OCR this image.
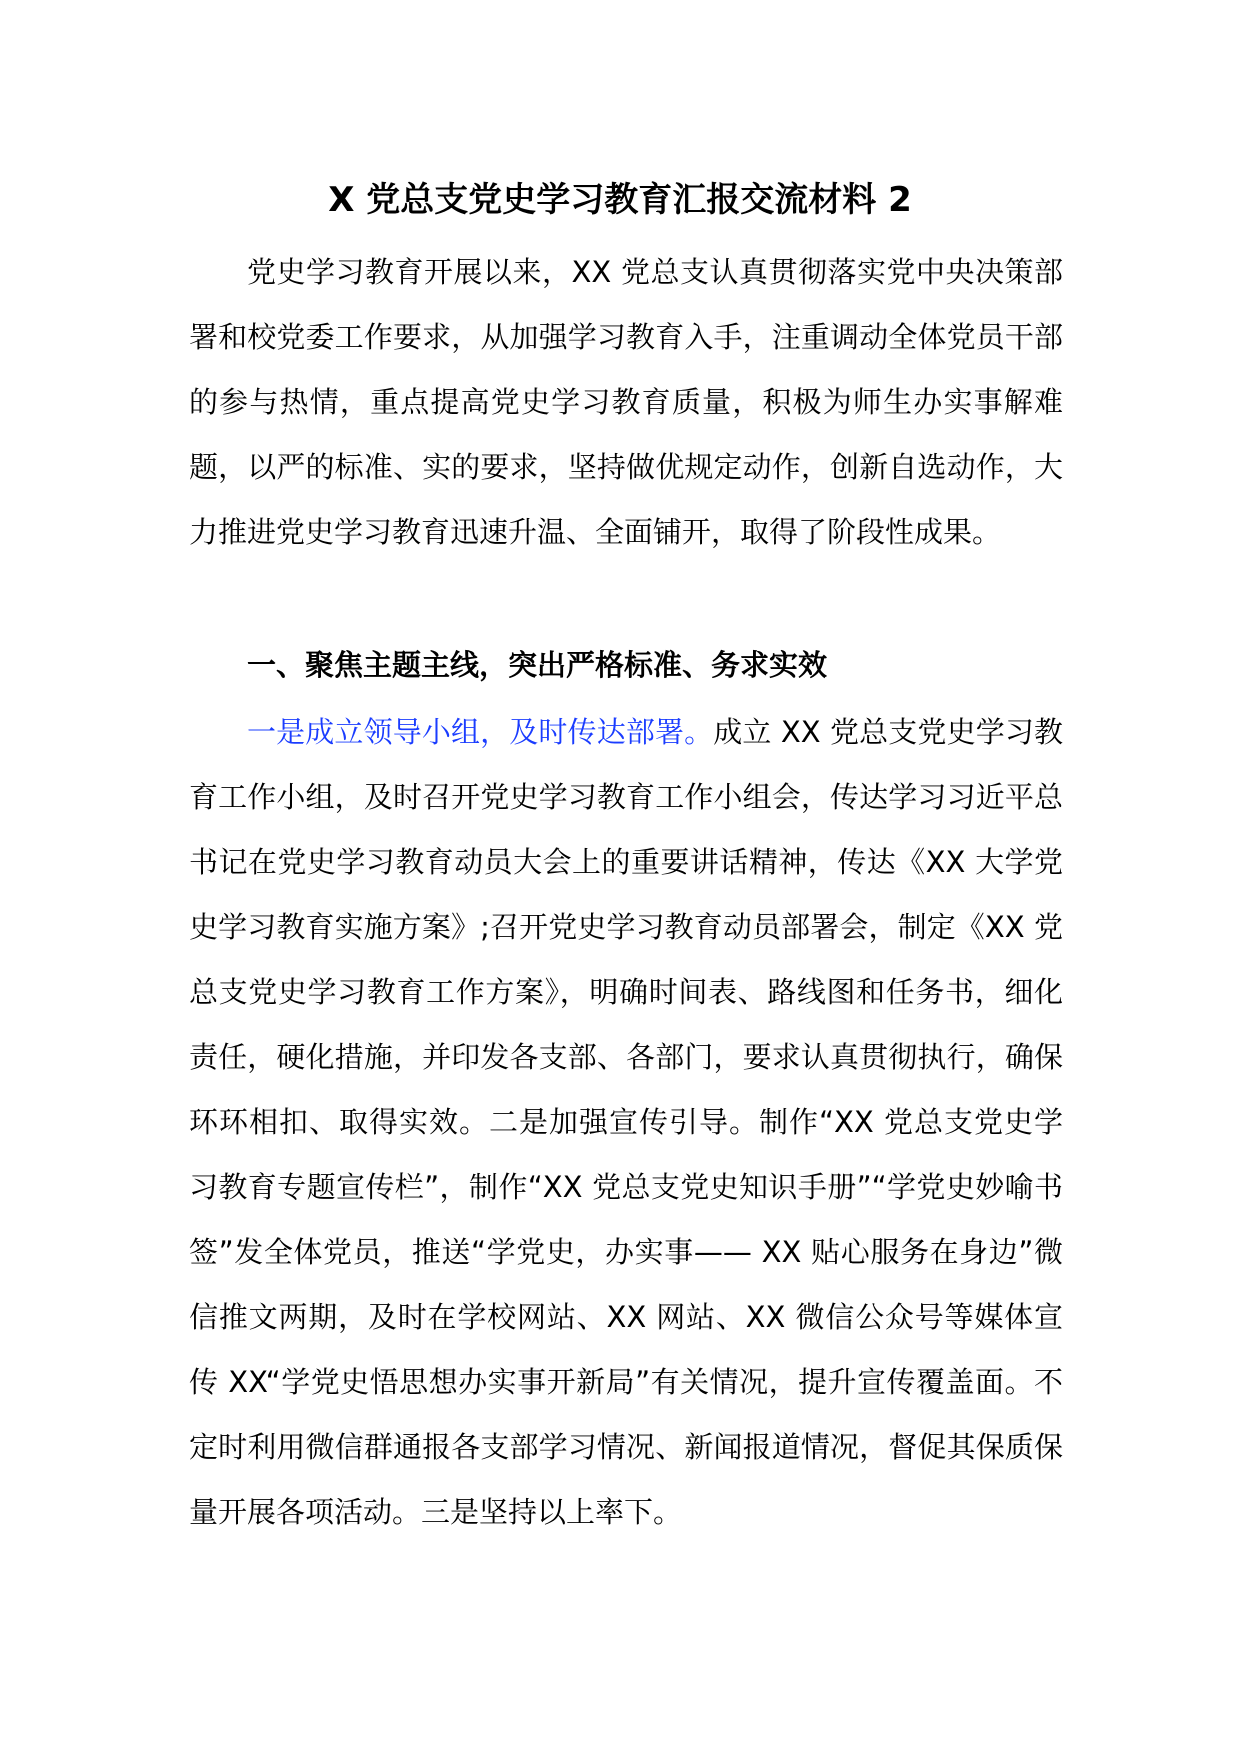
X 党总支党史学习教育汇报交流材料 2

党史学习教育开展以来，XX 党总支认真贯彻落实党中央决策部署和校党委工作要求，从加强学习教育入手，注重调动全体党员干部的参与热情，重点提高党史学习教育质量，积极为师生办实事解难题，以严的标准、实的要求，坚持做优规定动作，创新自选动作，大力推进党史学习教育迅速升温、全面铺开，取得了阶段性成果。

一、聚焦主题主线，突出严格标准、务求实效

一是成立领导小组，及时传达部署。成立 XX 党总支党史学习教育工作小组，及时召开党史学习教育工作小组会，传达学习习近平总书记在党史学习教育动员大会上的重要讲话精神，传达《XX 大学党史学习教育实施方案》;召开党史学习教育动员部署会，制定《XX 党总支党史学习教育工作方案》，明确时间表、路线图和任务书，细化责任，硬化措施，并印发各支部、各部门，要求认真贯彻执行，确保环环相扣、取得实效。二是加强宣传引导。制作“XX 党总支党史学习教育专题宣传栏”，制作“XX 党总支党史知识手册”“学党史妙喻书签”发全体党员，推送“学党史，办实事—— XX 贴心服务在身边”微信推文两期，及时在学校网站、XX 网站、XX 微信公众号等媒体宣传 XX“学党史悟思想办实事开新局”有关情况，提升宣传覆盖面。不定时利用微信群通报各支部学习情况、新闻报道情况，督促其保质保量开展各项活动。三是坚持以上率下。
